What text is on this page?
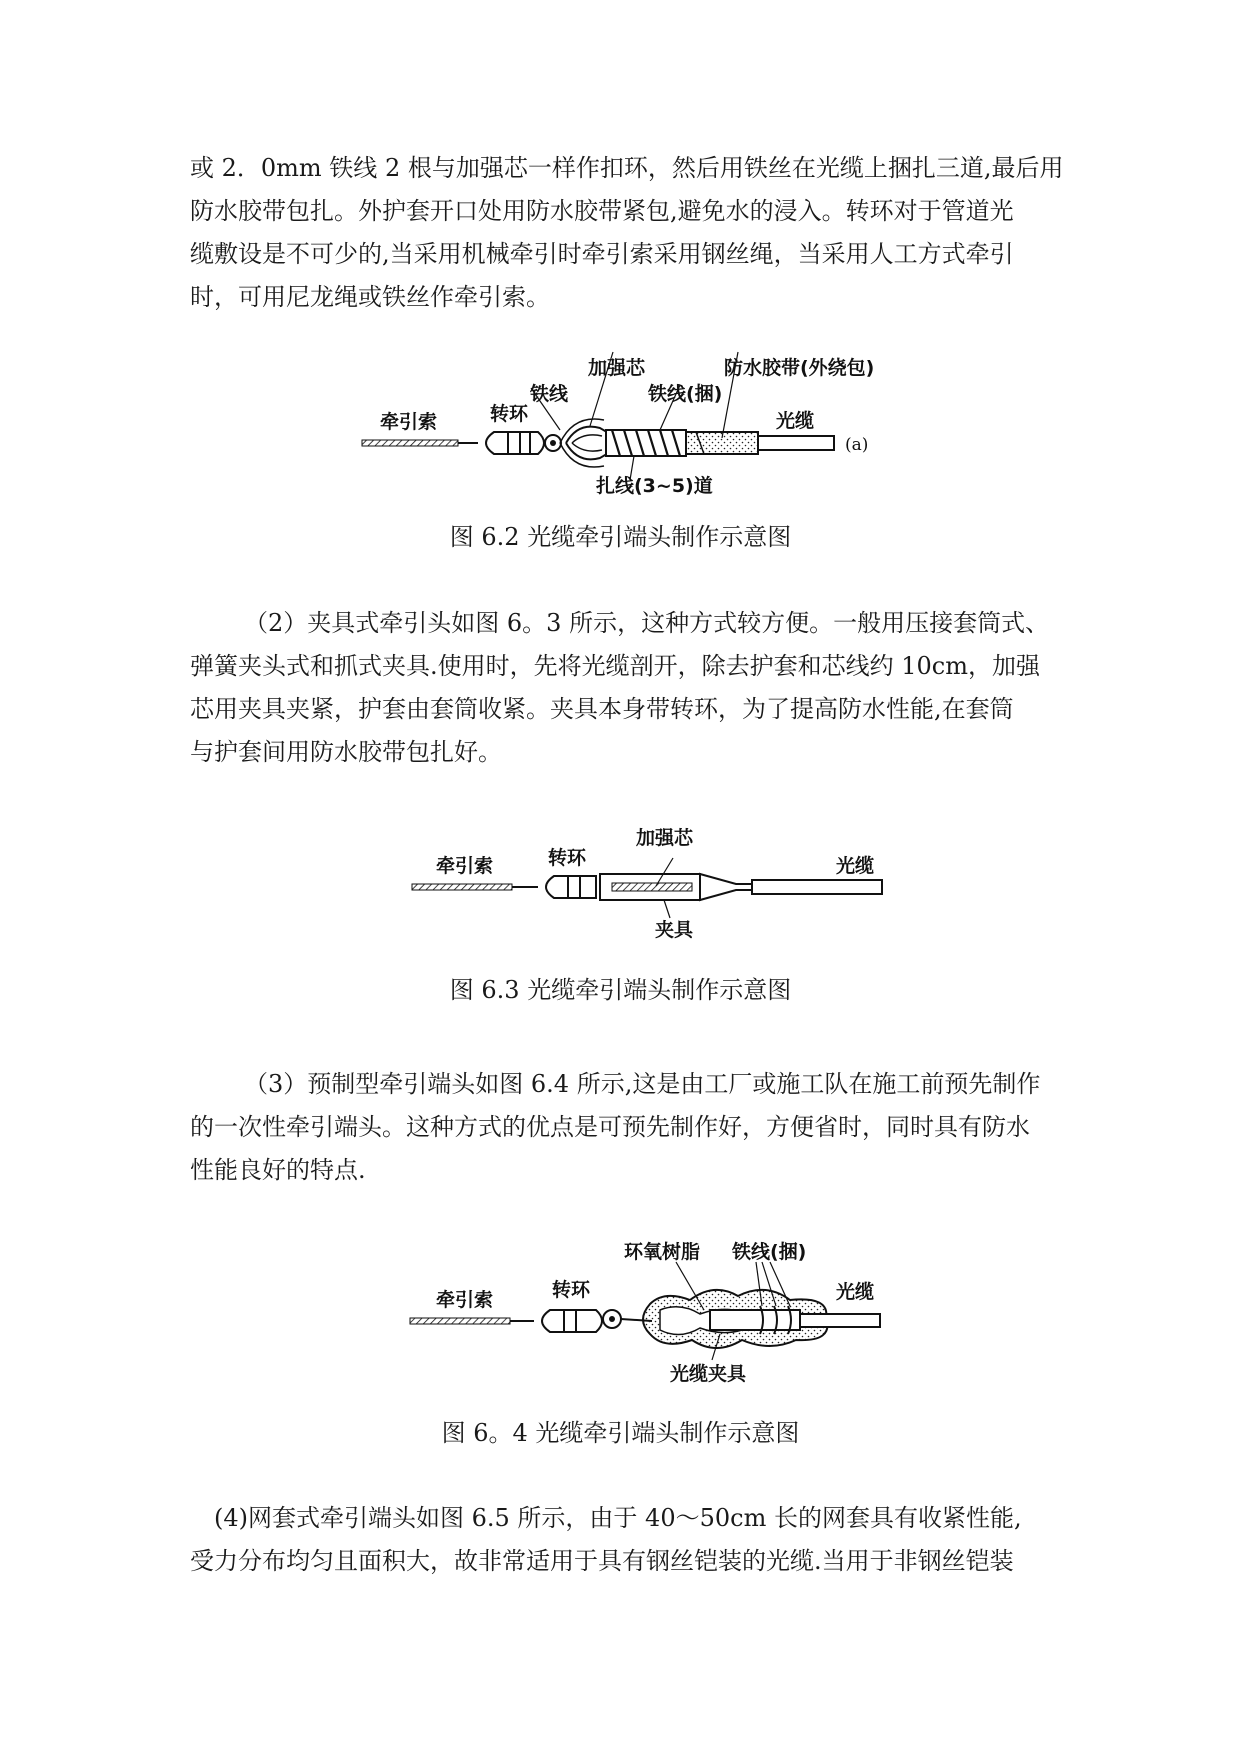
或 2．0mm 铁线 2 根与加强芯一样作扣环，然后用铁丝在光缆上捆扎三道,最后用
防水胶带包扎。外护套开口处用防水胶带紧包,避免水的浸入。转环对于管道光
缆敷设是不可少的,当采用机械牵引时牵引索采用钢丝绳，当采用人工方式牵引
时，可用尼龙绳或铁丝作牵引索。
牵引索	转环
铁线
加强芯
铁线(捆)
防水胶带(外绕包)
光缆
(a)
扎线(3~5)道
图 6.2 光缆牵引端头制作示意图
（2）夹具式牵引头如图 6。3 所示，这种方式较方便。一般用压接套筒式、
弹簧夹头式和抓式夹具.使用时，先将光缆剖开，除去护套和芯线约 10cm，加强
芯用夹具夹紧，护套由套筒收紧。夹具本身带转环，为了提高防水性能,在套筒
与护套间用防水胶带包扎好。
牵引索	转环
加强芯
光缆
夹具
图 6.3 光缆牵引端头制作示意图
（3）预制型牵引端头如图 6.4 所示,这是由工厂或施工队在施工前预先制作
的一次性牵引端头。这种方式的优点是可预先制作好，方便省时，同时具有防水
性能良好的特点.
牵引索	转环
环氧树脂 铁线(捆)
光缆
光缆夹具
图 6。4 光缆牵引端头制作示意图
(4)网套式牵引端头如图 6.5 所示，由于 40～50cm 长的网套具有收紧性能,
受力分布均匀且面积大，故非常适用于具有钢丝铠装的光缆.当用于非钢丝铠装
